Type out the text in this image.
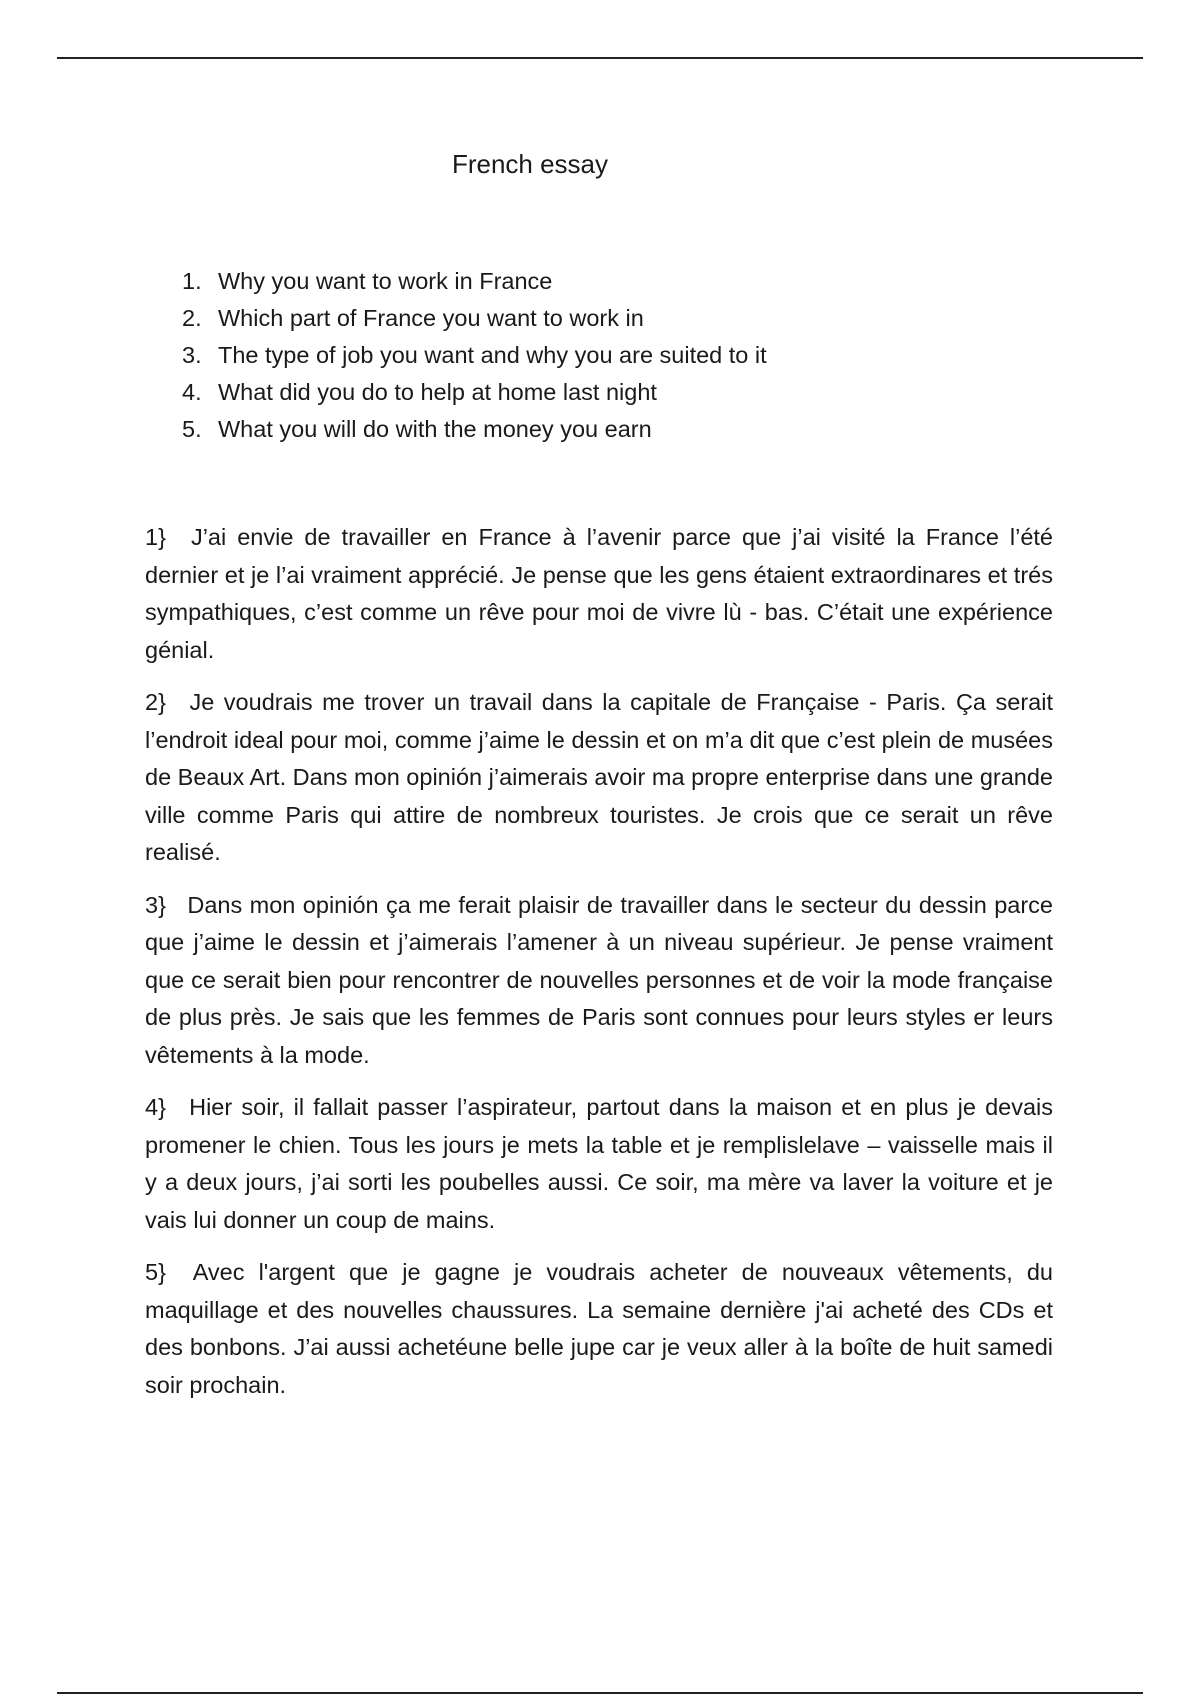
French essay
1. Why you want to work in France
2. Which part of France you want to work in
3. The type of job you want and why you are suited to it
4. What did you do to help at home last night
5. What you will do with the money you earn

1} J’ai envie de travailler en France à l’avenir parce que j’ai visité la France l’été dernier et je l’ai vraiment apprécié. Je pense que les gens étaient extraordinares et trés sympathiques, c’est comme un rêve pour moi de vivre lù - bas. C’était une expérience génial.

2} Je voudrais me trover un travail dans la capitale de Française - Paris. Ça serait l’endroit ideal pour moi, comme j’aime le dessin et on m’a dit que c’est plein de musées de Beaux Art. Dans mon opinión j’aimerais avoir ma propre enterprise dans une grande ville comme Paris qui attire de nombreux touristes. Je crois que ce serait un rêve realisé.

3} Dans mon opinión ça me ferait plaisir de travailler dans le secteur du dessin parce que j’aime le dessin et j’aimerais l’amener à un niveau supérieur. Je pense vraiment que ce serait bien pour rencontrer de nouvelles personnes et de voir la mode française de plus près. Je sais que les femmes de Paris sont connues pour leurs styles er leurs vêtements à la mode.

4} Hier soir, il fallait passer l’aspirateur, partout dans la maison et en plus je devais promener le chien. Tous les jours je mets la table et je remplislelave – vaisselle mais il y a deux jours, j’ai sorti les poubelles aussi. Ce soir, ma mère va laver la voiture et je vais lui donner un coup de mains.

5} Avec l'argent que je gagne je voudrais acheter de nouveaux vêtements, du maquillage et des nouvelles chaussures. La semaine dernière j'ai acheté des CDs et des bonbons. J’ai aussi achetéune belle jupe car je veux aller à la boîte de huit samedi soir prochain.
